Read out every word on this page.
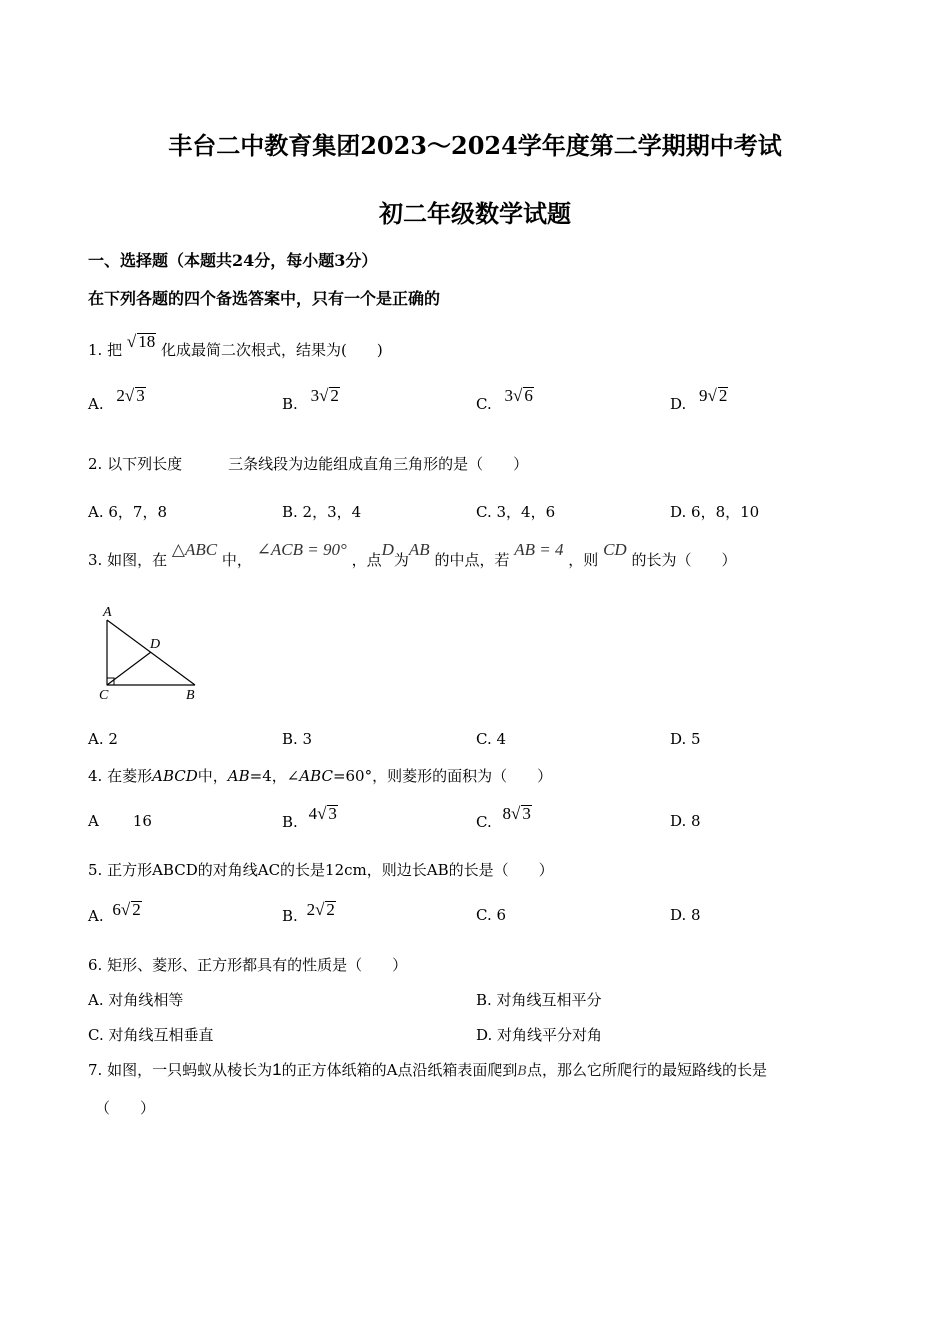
丰台二中教育集团2023～2024学年度第二学期期中考试
初二年级数学试题
一、选择题（本题共24分，每小题3分）
在下列各题的四个备选答案中，只有一个是正确的
1. 把 √ 18 化成最简二次根式，结果为(　　)
A. 2√ 3	B. 3√ 2	C. 3√ 6	D. 9√ 2
2. 以下列长度	三条线段为边能组成直角三角形的是（　　）
A. 6，7，8	B. 2，3，4	C. 3，4，6	D. 6，8，10
3. 如图，在 △ABC 中， ∠ACB = 90° ，点D为AB 的中点，若 AB = 4 ，则 CD 的长为（　　）
A
D
C	B
A. 2	B. 3	C. 4	D. 5
4. 在菱形ABCD中，AB=4，∠ABC=60°，则菱形的面积为（　　）
A 16	B. 4√ 3	C. 8√ 3	D. 8
5. 正方形ABCD的对角线AC的长是12cm，则边长AB的长是（　　）
A. 6√ 2	B. 2√ 2	C. 6	D. 8
6. 矩形、菱形、正方形都具有的性质是（　　）
A. 对角线相等	B. 对角线互相平分
C. 对角线互相垂直	D. 对角线平分对角
7. 如图，一只蚂蚁从棱长为1的正方体纸箱的A点沿纸箱表面爬到B点，那么它所爬行的最短路线的长是
（　　）
